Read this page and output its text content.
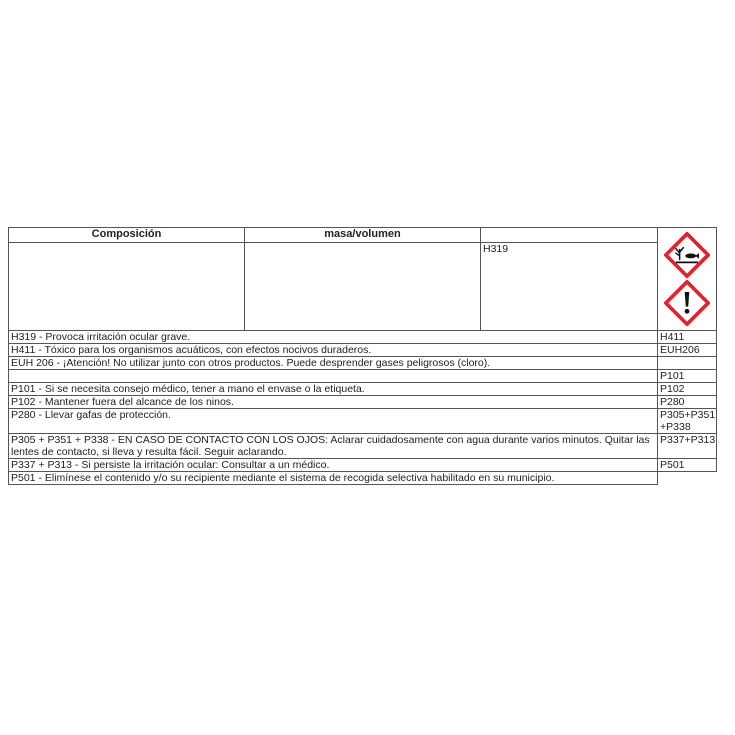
Composición	masa/volumen		

		H319	
H319 - Provoca irritación ocular grave.			H411
H411 - Tóxico para los organismos acuáticos, con efectos nocivos duraderos.			EUH206
EUH 206 - ¡Atención! No utilizar junto con otros productos. Puede desprender gases peligrosos (cloro).			
			P101
P101 - Si se necesita consejo médico, tener a mano el envase o la etiqueta.			P102
P102 - Mantener fuera del alcance de los ninos.			P280
P280 - Llevar gafas de protección.			P305+P351 +P338
P305 + P351 + P338 - EN CASO DE CONTACTO CON LOS OJOS: Aclarar cuidadosamente con agua durante varios minutos. Quitar las lentes de contacto, si lleva y resulta fácil. Seguir aclarando.			P337+P313
P337 + P313 - Si persiste la irritación ocular: Consultar a un médico.			P501
P501 - Elimínese el contenido y/o su recipiente mediante el sistema de recogida selectiva habilitado en su municipio.			
